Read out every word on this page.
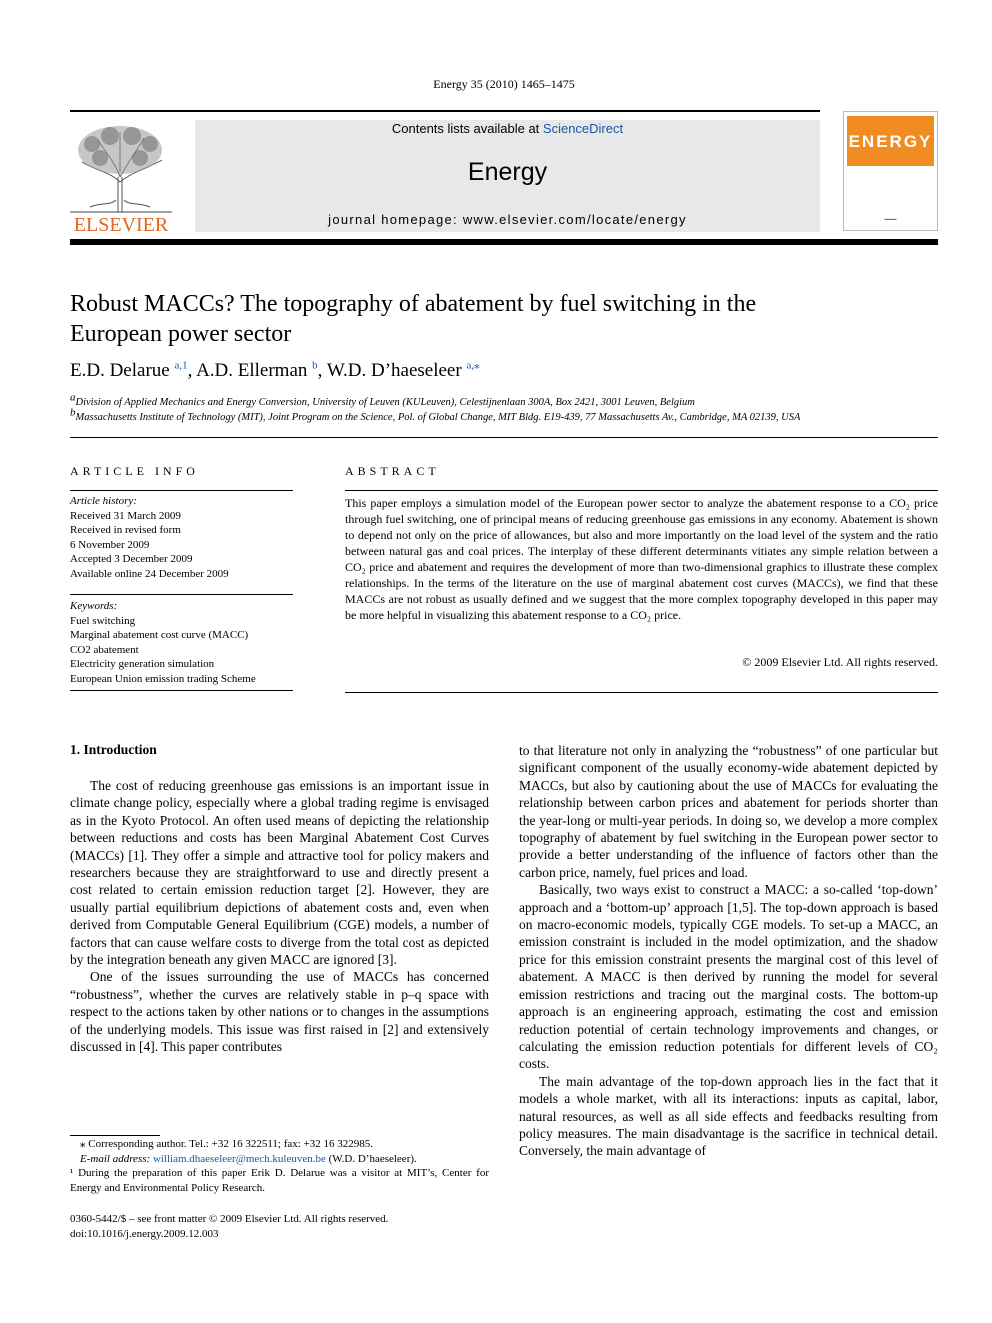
Energy 35 (2010) 1465–1475
ELSEVIER
Contents lists available at ScienceDirect
Energy
journal homepage: www.elsevier.com/locate/energy
ENERGY
▬▬▬
Robust MACCs? The topography of abatement by fuel switching in the European power sector
E.D. Delarue $^{a,1}$, A.D. Ellerman $^b$, W.D. D’haeseleer $^{a,⁎}$
$^a$Division of Applied Mechanics and Energy Conversion, University of Leuven (KULeuven), Celestijnenlaan 300A, Box 2421, 3001 Leuven, Belgium
$^b$Massachusetts Institute of Technology (MIT), Joint Program on the Science, Pol. of Global Change, MIT Bldg. E19-439, 77 Massachusetts Av., Cambridge, MA 02139, USA
ARTICLE INFO	ABSTRACT
Article history:
Received 31 March 2009
Received in revised form
6 November 2009
Accepted 3 December 2009
Available online 24 December 2009
Keywords:
Fuel switching
Marginal abatement cost curve (MACC)
CO2 abatement
Electricity generation simulation
European Union emission trading Scheme
This paper employs a simulation model of the European power sector to analyze the abatement response to a CO₂ price through fuel switching, one of principal means of reducing greenhouse gas emissions in any economy. Abatement is shown to depend not only on the price of allowances, but also and more importantly on the load level of the system and the ratio between natural gas and coal prices. The interplay of these different determinants vitiates any simple relation between a CO₂ price and abatement and requires the development of more than two-dimensional graphics to illustrate these complex relationships. In the terms of the literature on the use of marginal abatement cost curves (MACCs), we find that these MACCs are not robust as usually defined and we suggest that the more complex topography developed in this paper may be more helpful in visualizing this abatement response to a CO₂ price.
© 2009 Elsevier Ltd. All rights reserved.
1. Introduction

The cost of reducing greenhouse gas emissions is an important issue in climate change policy, especially where a global trading regime is envisaged as in the Kyoto Protocol. An often used means of depicting the relationship between reductions and costs has been Marginal Abatement Cost Curves (MACCs) [1]. They offer a simple and attractive tool for policy makers and researchers because they are straightforward to use and directly present a cost related to certain emission reduction target [2]. However, they are usually partial equilibrium depictions of abatement costs and, even when derived from Computable General Equilibrium (CGE) models, a number of factors that can cause welfare costs to diverge from the total cost as depicted by the integration beneath any given MACC are ignored [3].

One of the issues surrounding the use of MACCs has concerned “robustness”, whether the curves are relatively stable in p–q space with respect to the actions taken by other nations or to changes in the assumptions of the underlying models. This issue was first raised in [2] and extensively discussed in [4]. This paper contributes

to that literature not only in analyzing the “robustness” of one particular but significant component of the usually economy-wide abatement depicted by MACCs, but also by cautioning about the use of MACCs for evaluating the relationship between carbon prices and abatement for periods shorter than the year-long or multi-year periods. In doing so, we develop a more complex topography of abatement by fuel switching in the European power sector to provide a better understanding of the influence of factors other than the carbon price, namely, fuel prices and load.

Basically, two ways exist to construct a MACC: a so-called ‘top-down’ approach and a ‘bottom-up’ approach [1,5]. The top-down approach is based on macro-economic models, typically CGE models. To set-up a MACC, an emission constraint is included in the model optimization, and the shadow price for this emission constraint presents the marginal cost of this level of abatement. A MACC is then derived by running the model for several emission restrictions and tracing out the marginal costs. The bottom-up approach is an engineering approach, estimating the cost and emission reduction potential of certain technology improvements and changes, or calculating the emission reduction potentials for different levels of CO₂ costs.

The main advantage of the top-down approach lies in the fact that it models a whole market, with all its interactions: inputs as capital, labor, natural resources, as well as all side effects and feedbacks resulting from policy measures. The main disadvantage is the sacrifice in technical detail. Conversely, the main advantage of

⁎ Corresponding author. Tel.: +32 16 322511; fax: +32 16 322985.

E-mail address: william.dhaeseleer@mech.kuleuven.be (W.D. D’haeseleer).

¹ During the preparation of this paper Erik D. Delarue was a visitor at MIT’s, Center for Energy and Environmental Policy Research.
0360-5442/$ – see front matter © 2009 Elsevier Ltd. All rights reserved.
doi:10.1016/j.energy.2009.12.003
